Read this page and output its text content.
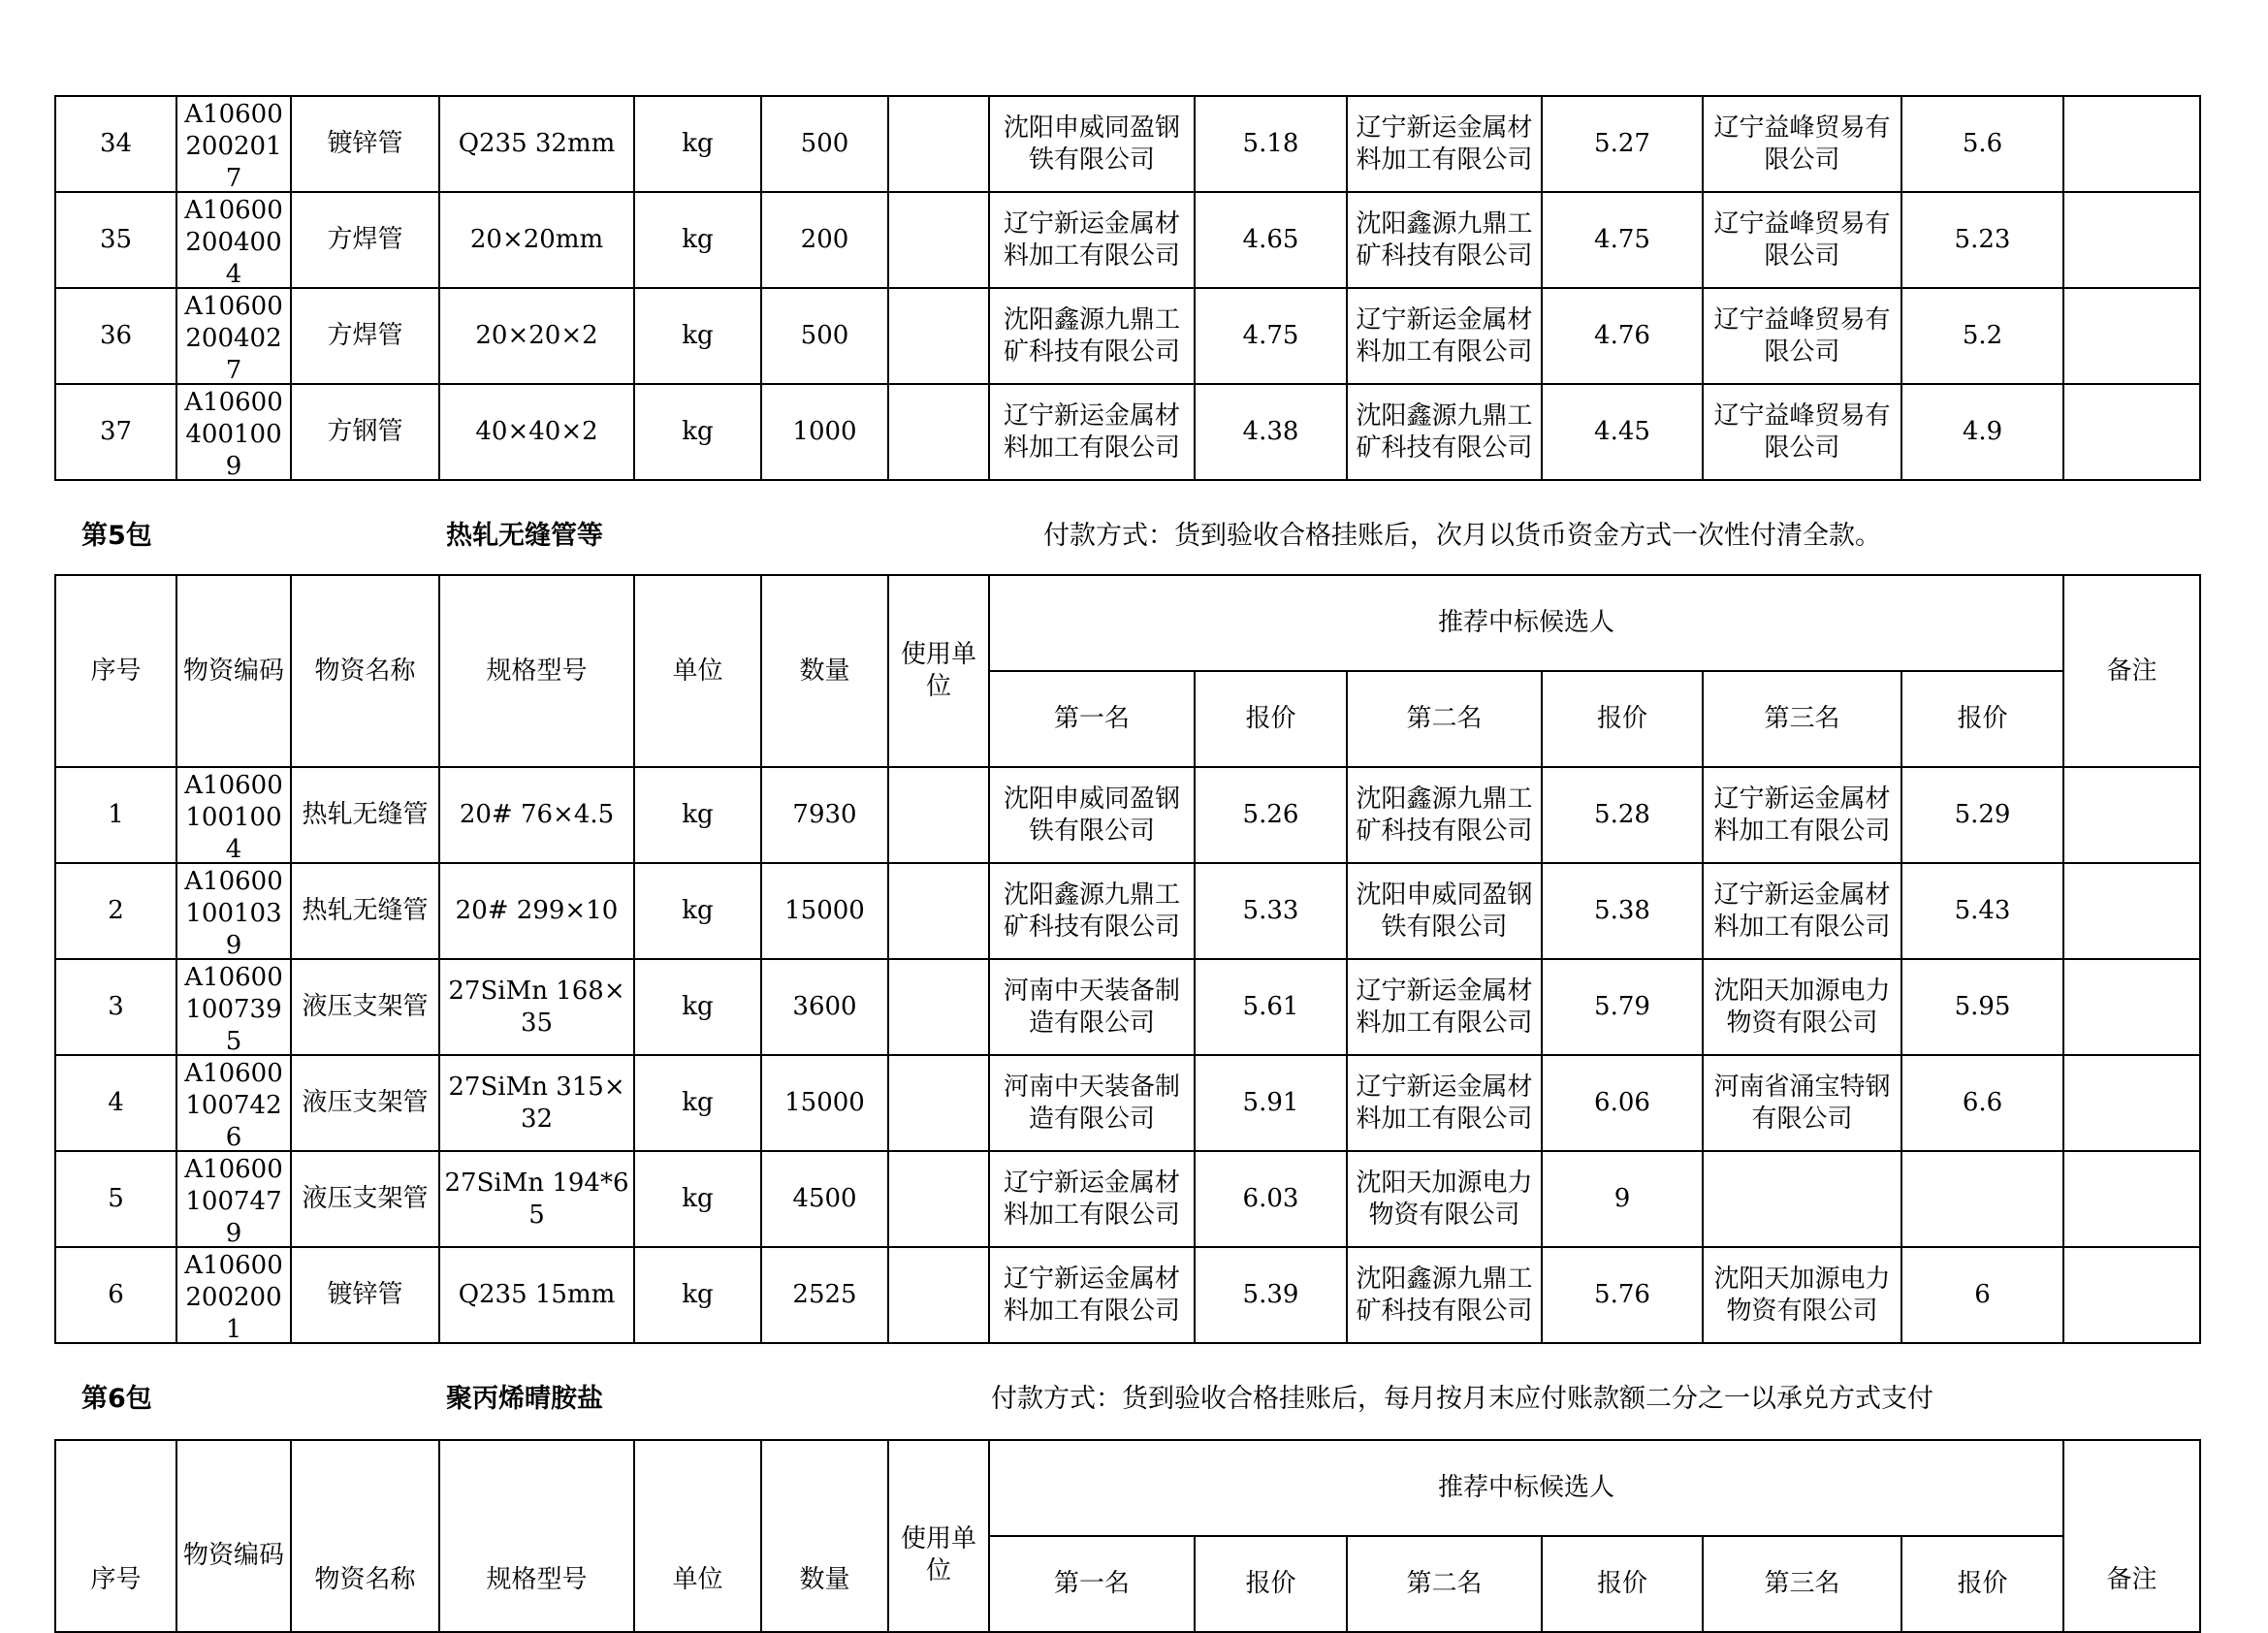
34	A106002002017	镀锌管	Q235 32mm	kg	500		沈阳申威同盈钢铁有限公司	5.18	辽宁新运金属材料加工有限公司	5.27	辽宁益峰贸易有限公司	5.6	

35	A106002004004	方焊管	20×20mm	kg	200		辽宁新运金属材料加工有限公司	4.65	沈阳鑫源九鼎工矿科技有限公司	4.75	辽宁益峰贸易有限公司	5.23	

36	A106002004027	方焊管	20×20×2	kg	500		沈阳鑫源九鼎工矿科技有限公司	4.75	辽宁新运金属材料加工有限公司	4.76	辽宁益峰贸易有限公司	5.2	

37	A106004001009	方钢管	40×40×2	kg	1000		辽宁新运金属材料加工有限公司	4.38	沈阳鑫源九鼎工矿科技有限公司	4.45	辽宁益峰贸易有限公司	4.9	

第5包	热轧无缝管等	付款方式：货到验收合格挂账后，次月以货币资金方式一次性付清全款。
序号	物资编码	物资名称	规格型号	单位	数量	使用单位	推荐中标候选人						备注
							第一名	报价	第二名	报价	第三名	报价	

1	A106001001004	热轧无缝管	20# 76×4.5	kg	7930		沈阳申威同盈钢铁有限公司	5.26	沈阳鑫源九鼎工矿科技有限公司	5.28	辽宁新运金属材料加工有限公司	5.29	

2	A106001001039	热轧无缝管	20# 299×10	kg	15000		沈阳鑫源九鼎工矿科技有限公司	5.33	沈阳申威同盈钢铁有限公司	5.38	辽宁新运金属材料加工有限公司	5.43	

3	A106001007395	液压支架管	27SiMn 168×35	kg	3600		河南中天装备制造有限公司	5.61	辽宁新运金属材料加工有限公司	5.79	沈阳天加源电力物资有限公司	5.95	

4	A106001007426	液压支架管	27SiMn 315×32	kg	15000		河南中天装备制造有限公司	5.91	辽宁新运金属材料加工有限公司	6.06	河南省涌宝特钢有限公司	6.6	

5	A106001007479	液压支架管	27SiMn 194*65	kg	4500		辽宁新运金属材料加工有限公司	6.03	沈阳天加源电力物资有限公司	9			

6	A106002002001	镀锌管	Q235 15mm	kg	2525		辽宁新运金属材料加工有限公司	5.39	沈阳鑫源九鼎工矿科技有限公司	5.76	沈阳天加源电力物资有限公司	6	

第6包	聚丙烯晴胺盐	付款方式：货到验收合格挂账后，每月按月末应付账款额二分之一以承兑方式支付
序号	物资编码	物资名称	规格型号	单位	数量	使用单位	推荐中标候选人						备注
							第一名	报价	第二名	报价	第三名	报价	
